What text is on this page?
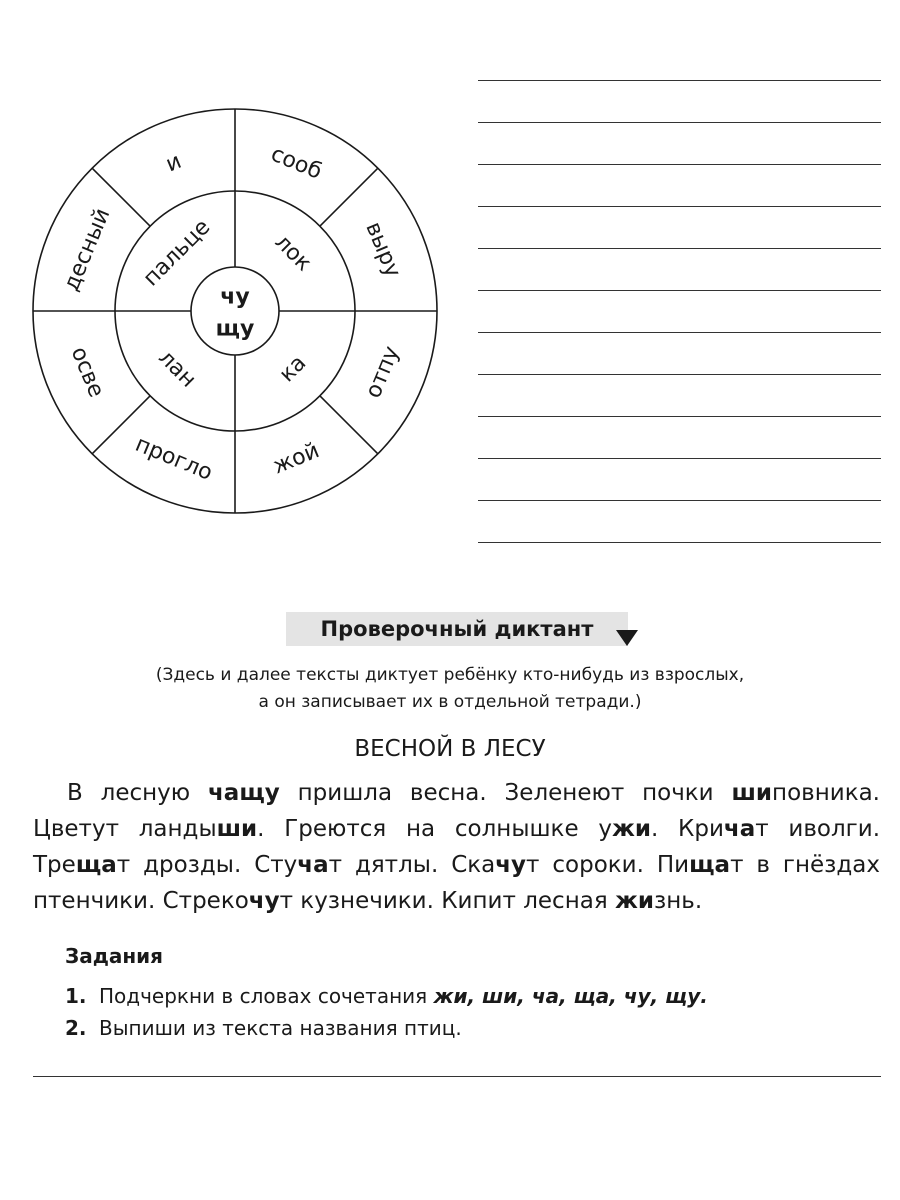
чу
щу
пальце лок
ка
лан
и	сооб
выру
отпу
жой
прогло
осве
десный
Проверочный диктант
(Здесь и далее тексты диктует ребёнку кто-нибудь из взрослых,
а он записывает их в отдельной тетради.)
ВЕСНОЙ В ЛЕСУ
В лесную чащу пришла весна. Зеленеют почки шиповника. Цветут ландыши. Греются на солнышке ужи. Кричат иволги. Трещат дрозды. Стучат дятлы. Скачут сороки. Пищат в гнёздах птенчики. Стрекочут кузнечики. Кипит лесная жизнь.
Задания
1. Подчеркни в словах сочетания жи, ши, ча, ща, чу, щу.
2. Выпиши из текста названия птиц.
